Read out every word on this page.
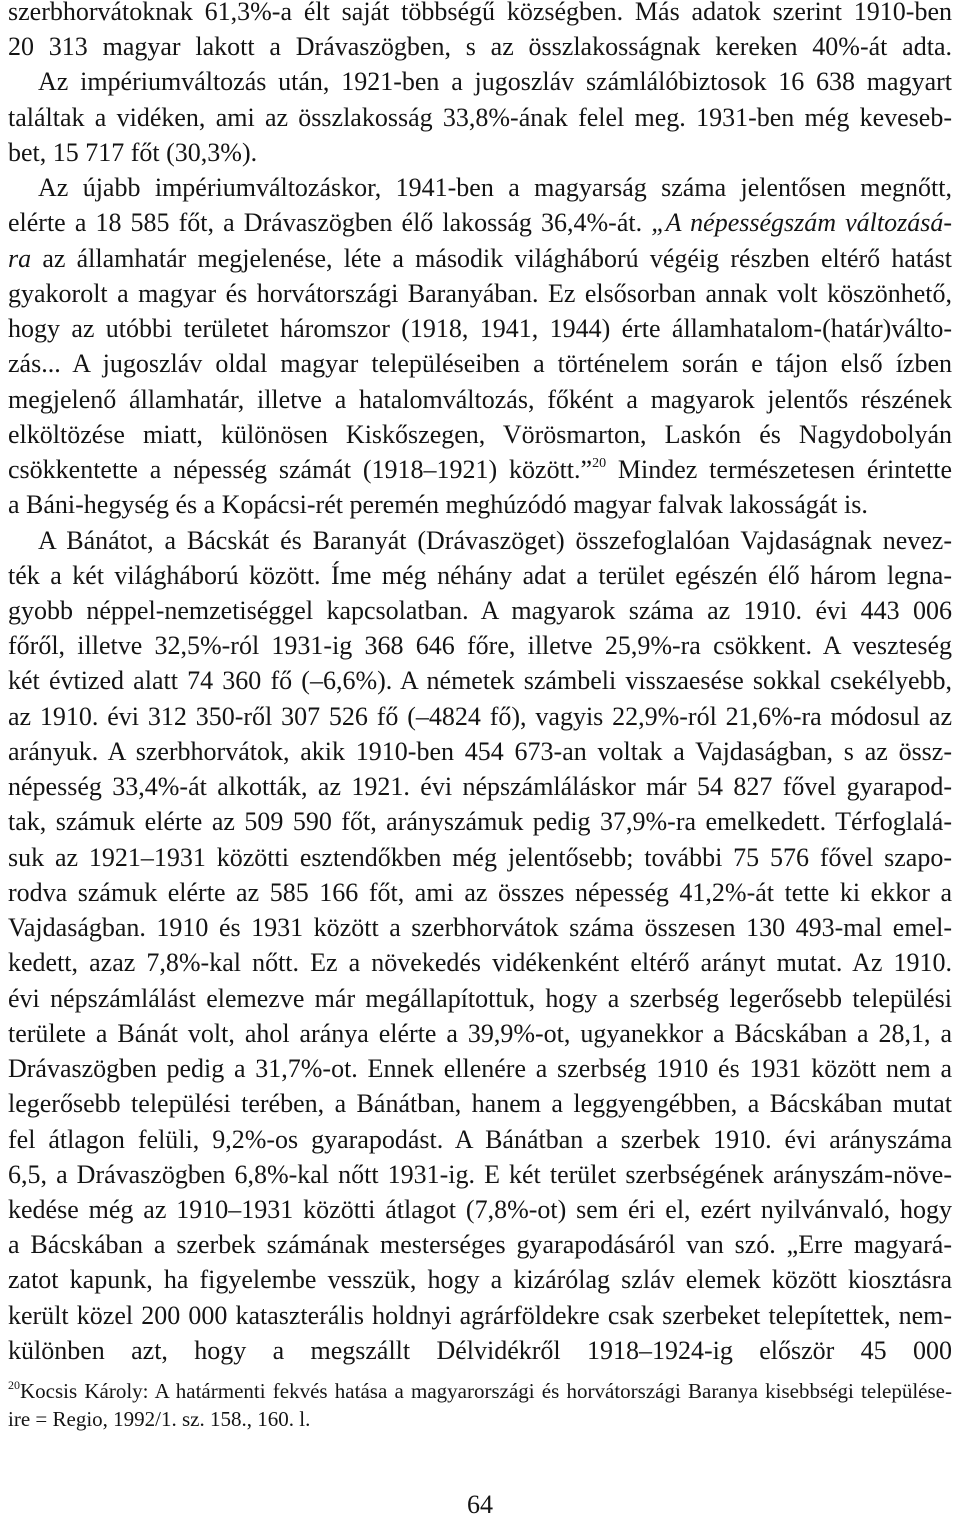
szerbhorvátoknak 61,3%-a élt saját többségű községben. Más adatok szerint 1910-ben
20 313 magyar lakott a Drávaszögben, s az összlakosságnak kereken 40%-át adta.
Az impériumváltozás után, 1921-ben a jugoszláv számlálóbiztosok 16 638 magyart
találtak a vidéken, ami az összlakosság 33,8%-ának felel meg. 1931-ben még keveseb-
bet, 15 717 főt (30,3%).
Az újabb impériumváltozáskor, 1941-ben a magyarság száma jelentősen megnőtt,
elérte a 18 585 főt, a Drávaszögben élő lakosság 36,4%-át. „A népességszám változásá-
ra az államhatár megjelenése, léte a második világháború végéig részben eltérő hatást
gyakorolt a magyar és horvátországi Baranyában. Ez elsősorban annak volt köszönhető,
hogy az utóbbi területet háromszor (1918, 1941, 1944) érte államhatalom-(határ)válto-
zás... A jugoszláv oldal magyar településeiben a történelem során e tájon első ízben
megjelenő államhatár, illetve a hatalomváltozás, főként a magyarok jelentős részének
elköltözése miatt, különösen Kiskőszegen, Vörösmarton, Laskón és Nagydobolyán
csökkentette a népesség számát (1918–1921) között.”$^{20}$ Mindez természetesen érintette
a Báni-hegység és a Kopácsi-rét peremén meghúzódó magyar falvak lakosságát is.
A Bánátot, a Bácskát és Baranyát (Drávaszöget) összefoglalóan Vajdaságnak nevez-
ték a két világháború között. Íme még néhány adat a terület egészén élő három legna-
gyobb néppel-nemzetiséggel kapcsolatban. A magyarok száma az 1910. évi 443 006
főről, illetve 32,5%-ról 1931-ig 368 646 főre, illetve 25,9%-ra csökkent. A veszteség
két évtized alatt 74 360 fő (–6,6%). A németek számbeli visszaesése sokkal csekélyebb,
az 1910. évi 312 350-ről 307 526 fő (–4824 fő), vagyis 22,9%-ról 21,6%-ra módosul az
arányuk. A szerbhorvátok, akik 1910-ben 454 673-an voltak a Vajdaságban, s az össz-
népesség 33,4%-át alkották, az 1921. évi népszámláláskor már 54 827 fővel gyarapod-
tak, számuk elérte az 509 590 főt, arányszámuk pedig 37,9%-ra emelkedett. Térfoglalá-
suk az 1921–1931 közötti esztendőkben még jelentősebb; további 75 576 fővel szapo-
rodva számuk elérte az 585 166 főt, ami az összes népesség 41,2%-át tette ki ekkor a
Vajdaságban. 1910 és 1931 között a szerbhorvátok száma összesen 130 493-mal emel-
kedett, azaz 7,8%-kal nőtt. Ez a növekedés vidékenként eltérő arányt mutat. Az 1910.
évi népszámlálást elemezve már megállapítottuk, hogy a szerbség legerősebb települési
területe a Bánát volt, ahol aránya elérte a 39,9%-ot, ugyanekkor a Bácskában a 28,1, a
Drávaszögben pedig a 31,7%-ot. Ennek ellenére a szerbség 1910 és 1931 között nem a
legerősebb települési terében, a Bánátban, hanem a leggyengébben, a Bácskában mutat
fel átlagon felüli, 9,2%-os gyarapodást. A Bánátban a szerbek 1910. évi arányszáma
6,5, a Drávaszögben 6,8%-kal nőtt 1931-ig. E két terület szerbségének arányszám-növe-
kedése még az 1910–1931 közötti átlagot (7,8%-ot) sem éri el, ezért nyilvánvaló, hogy
a Bácskában a szerbek számának mesterséges gyarapodásáról van szó. „Erre magyará-
zatot kapunk, ha figyelembe vesszük, hogy a kizárólag szláv elemek között kiosztásra
került közel 200 000 kataszterális holdnyi agrárföldekre csak szerbeket telepítettek, nem-
különben azt, hogy a megszállt Délvidékről 1918–1924-ig először 45 000
$^{20}$Kocsis Károly: A határmenti fekvés hatása a magyarországi és horvátországi Baranya kisebbségi települése-
ire = Regio, 1992/1. sz. 158., 160. l.
64
